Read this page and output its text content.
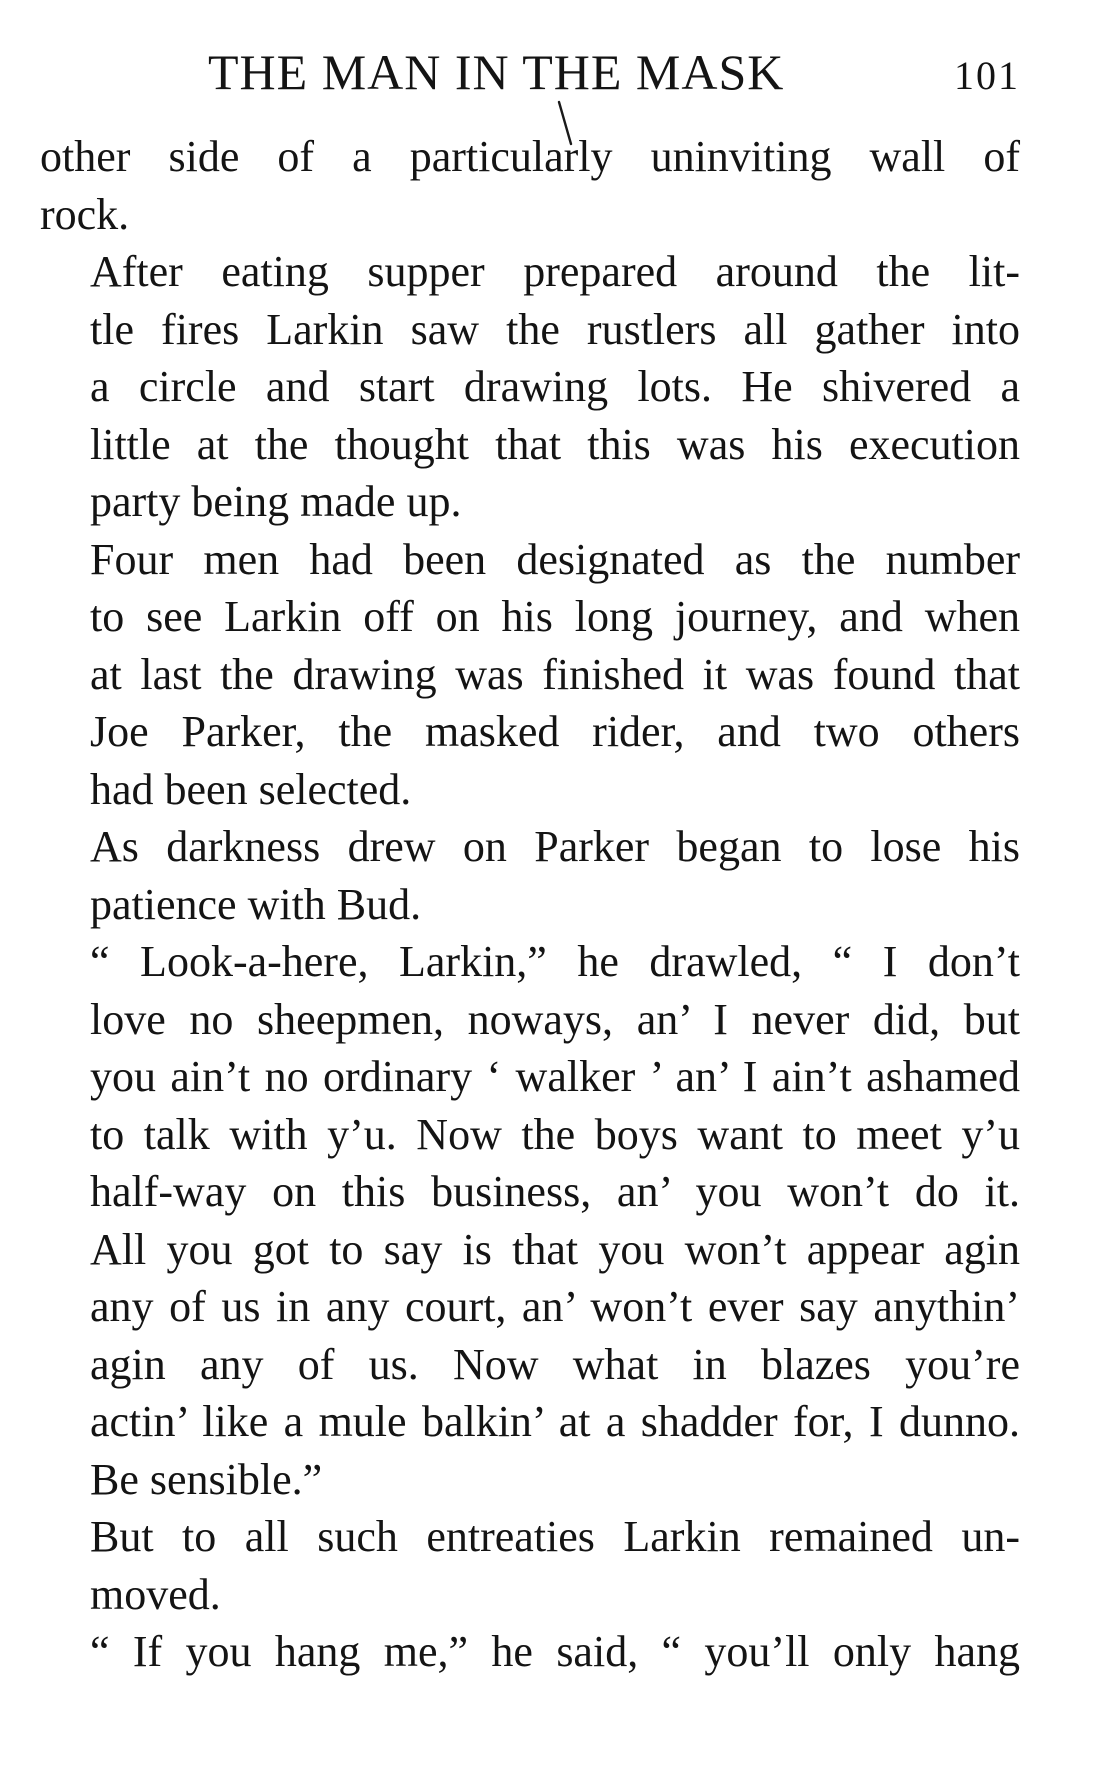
THE MAN IN THE MASK	101

other side of a particularly uninviting wall of
rock.

After eating supper prepared around the lit-
tle fires Larkin saw the rustlers all gather into
a circle and start drawing lots. He shivered a
little at the thought that this was his execution
party being made up.

Four men had been designated as the number
to see Larkin off on his long journey, and when
at last the drawing was finished it was found that
Joe Parker, the masked rider, and two others
had been selected.

As darkness drew on Parker began to lose his
patience with Bud.

“ Look-a-here, Larkin,” he drawled, “ I don’t
love no sheepmen, noways, an’ I never did, but
you ain’t no ordinary ‘ walker ’ an’ I ain’t ashamed
to talk with y’u. Now the boys want to meet y’u
half-way on this business, an’ you won’t do it.
All you got to say is that you won’t appear agin
any of us in any court, an’ won’t ever say anythin’
agin any of us. Now what in blazes you’re
actin’ like a mule balkin’ at a shadder for, I dunno.
Be sensible.”

But to all such entreaties Larkin remained un-
moved.

“ If you hang me,” he said, “ you’ll only hang
